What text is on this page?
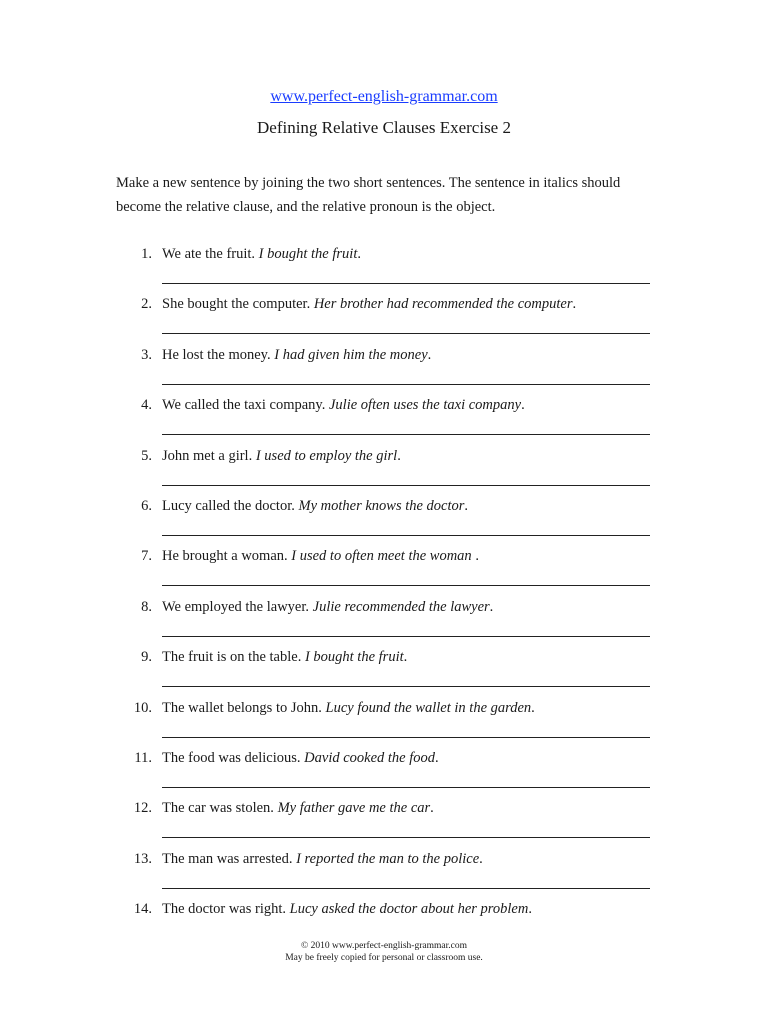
www.perfect-english-grammar.com
Defining Relative Clauses Exercise 2
Make a new sentence by joining the two short sentences. The sentence in italics should become the relative clause, and the relative pronoun is the object.
1. We ate the fruit. I bought the fruit.
2. She bought the computer. Her brother had recommended the computer.
3. He lost the money. I had given him the money.
4. We called the taxi company. Julie often uses the taxi company.
5. John met a girl. I used to employ the girl.
6. Lucy called the doctor. My mother knows the doctor.
7. He brought a woman. I used to often meet the woman .
8. We employed the lawyer. Julie recommended the lawyer.
9. The fruit is on the table. I bought the fruit.
10. The wallet belongs to John. Lucy found the wallet in the garden.
11. The food was delicious. David cooked the food.
12. The car was stolen. My father gave me the car.
13. The man was arrested. I reported the man to the police.
14. The doctor was right. Lucy asked the doctor about her problem.
© 2010 www.perfect-english-grammar.com
May be freely copied for personal or classroom use.
